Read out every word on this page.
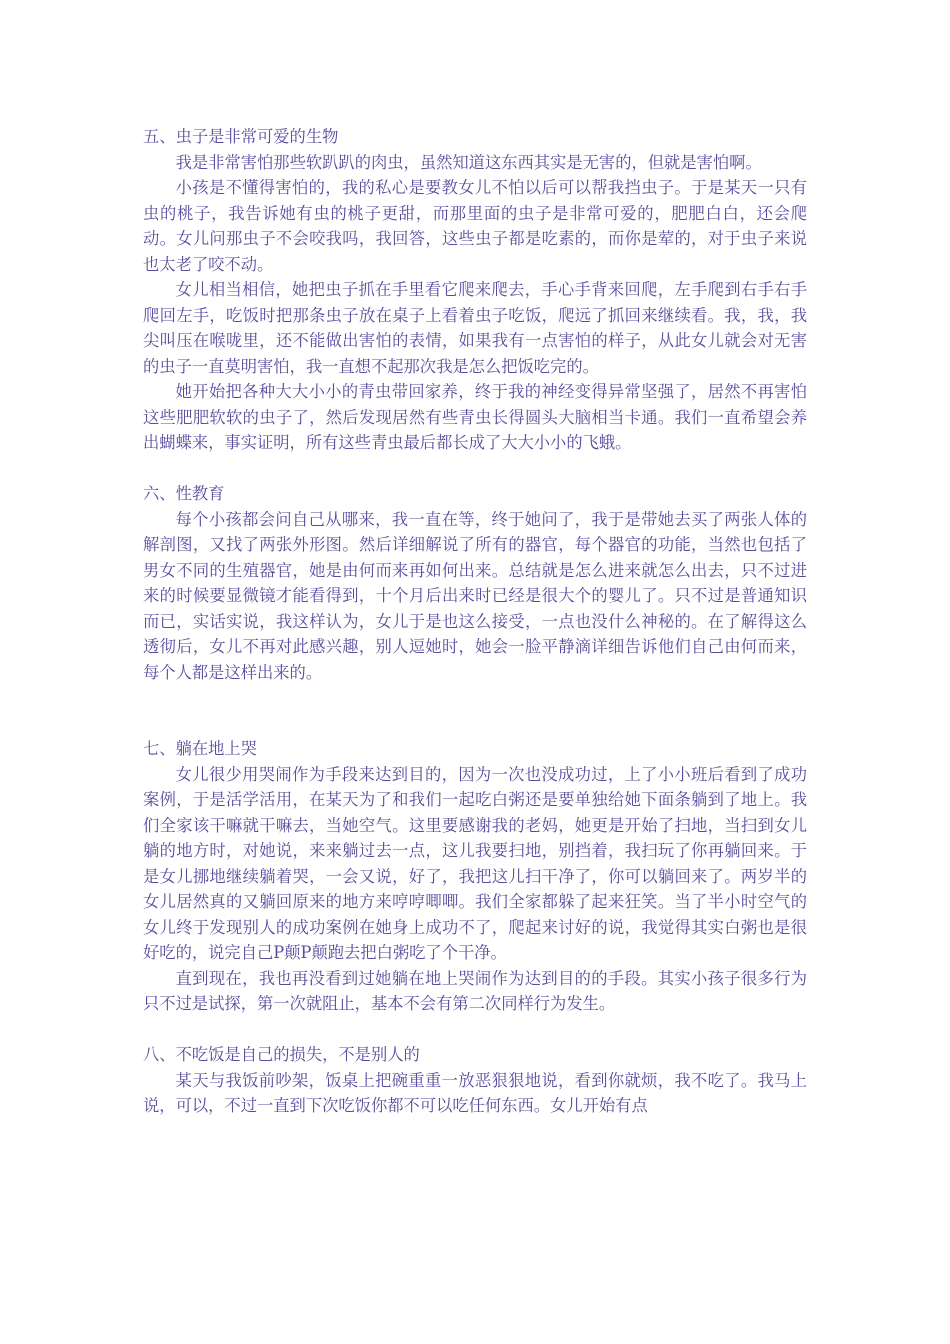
五、虫子是非常可爱的生物

我是非常害怕那些软趴趴的肉虫，虽然知道这东西其实是无害的，但就是害怕啊。

小孩是不懂得害怕的，我的私心是要教女儿不怕以后可以帮我挡虫子。于是某天一只有虫的桃子，我告诉她有虫的桃子更甜，而那里面的虫子是非常可爱的，肥肥白白，还会爬动。女儿问那虫子不会咬我吗，我回答，这些虫子都是吃素的，而你是荤的，对于虫子来说也太老了咬不动。

女儿相当相信，她把虫子抓在手里看它爬来爬去，手心手背来回爬，左手爬到右手右手爬回左手，吃饭时把那条虫子放在桌子上看着虫子吃饭，爬远了抓回来继续看。我，我，我尖叫压在喉咙里，还不能做出害怕的表情，如果我有一点害怕的样子，从此女儿就会对无害的虫子一直莫明害怕，我一直想不起那次我是怎么把饭吃完的。

她开始把各种大大小小的青虫带回家养，终于我的神经变得异常坚强了，居然不再害怕这些肥肥软软的虫子了，然后发现居然有些青虫长得圆头大脑相当卡通。我们一直希望会养出蝴蝶来，事实证明，所有这些青虫最后都长成了大大小小的飞蛾。

六、性教育

每个小孩都会问自己从哪来，我一直在等，终于她问了，我于是带她去买了两张人体的解剖图，又找了两张外形图。然后详细解说了所有的器官，每个器官的功能，当然也包括了男女不同的生殖器官，她是由何而来再如何出来。总结就是怎么进来就怎么出去，只不过进来的时候要显微镜才能看得到，十个月后出来时已经是很大个的婴儿了。只不过是普通知识而已，实话实说，我这样认为，女儿于是也这么接受，一点也没什么神秘的。在了解得这么透彻后，女儿不再对此感兴趣，别人逗她时，她会一脸平静滴详细告诉他们自己由何而来，每个人都是这样出来的。

七、躺在地上哭

女儿很少用哭闹作为手段来达到目的，因为一次也没成功过，上了小小班后看到了成功案例，于是活学活用，在某天为了和我们一起吃白粥还是要单独给她下面条躺到了地上。我们全家该干嘛就干嘛去，当她空气。这里要感谢我的老妈，她更是开始了扫地，当扫到女儿躺的地方时，对她说，来来躺过去一点，这儿我要扫地，别挡着，我扫玩了你再躺回来。于是女儿挪地继续躺着哭，一会又说，好了，我把这儿扫干净了，你可以躺回来了。两岁半的女儿居然真的又躺回原来的地方来哼哼唧唧。我们全家都躲了起来狂笑。当了半小时空气的女儿终于发现别人的成功案例在她身上成功不了，爬起来讨好的说，我觉得其实白粥也是很好吃的，说完自己P颠P颠跑去把白粥吃了个干净。

直到现在，我也再没看到过她躺在地上哭闹作为达到目的的手段。其实小孩子很多行为只不过是试探，第一次就阻止，基本不会有第二次同样行为发生。

八、不吃饭是自己的损失，不是别人的

某天与我饭前吵架，饭桌上把碗重重一放恶狠狠地说，看到你就烦，我不吃了。我马上说，可以，不过一直到下次吃饭你都不可以吃任何东西。女儿开始有点
